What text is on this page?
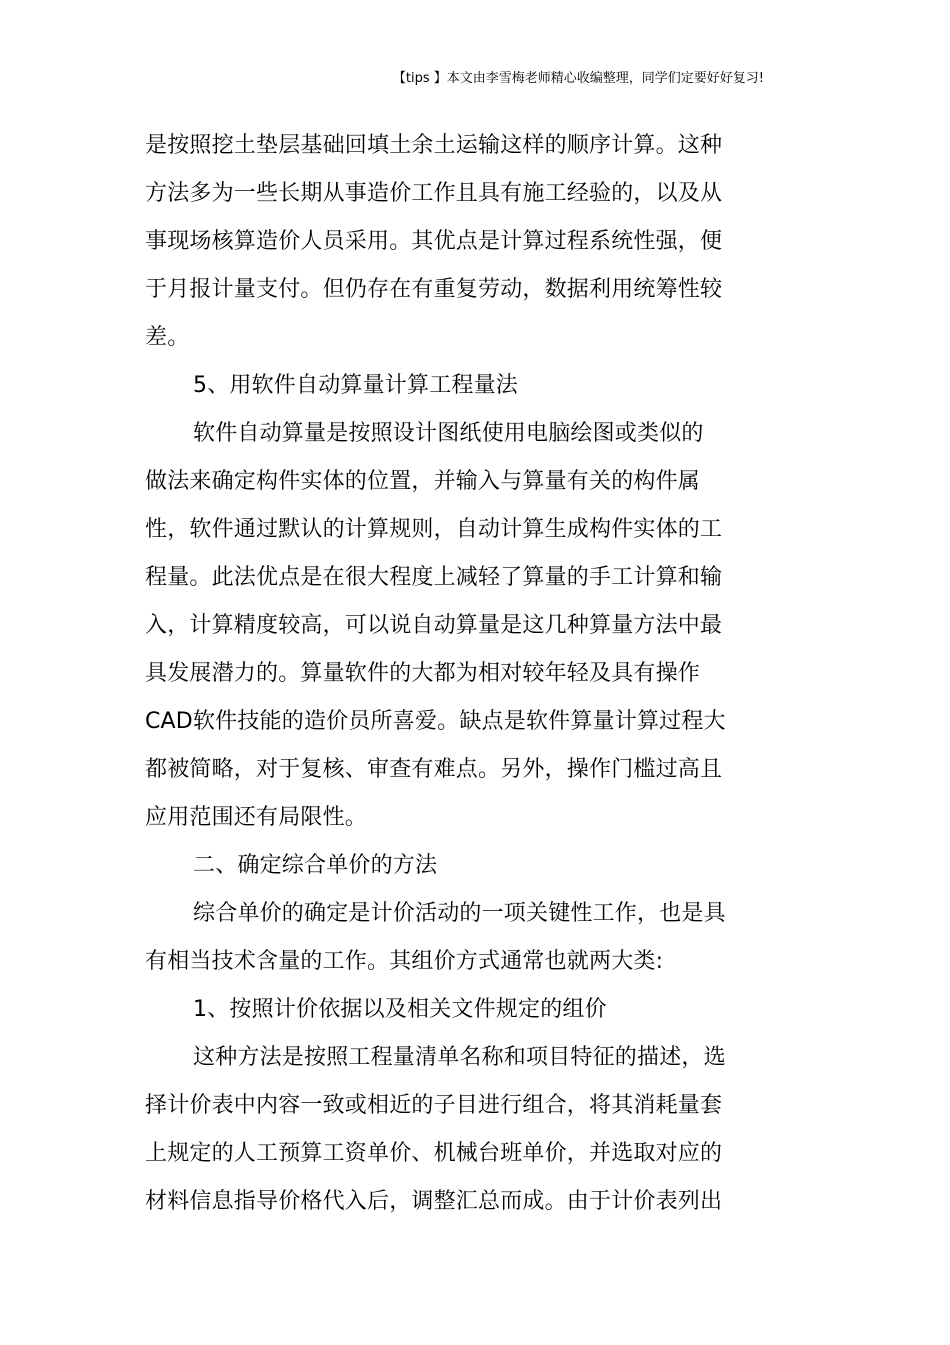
【tips 】本文由李雪梅老师精心收编整理，同学们定要好好复习!
是按照挖土垫层基础回填土余土运输这样的顺序计算。这种
方法多为一些长期从事造价工作且具有施工经验的，以及从
事现场核算造价人员采用。其优点是计算过程系统性强，便
于月报计量支付。但仍存在有重复劳动，数据利用统筹性较
差。
5、用软件自动算量计算工程量法
软件自动算量是按照设计图纸使用电脑绘图或类似的
做法来确定构件实体的位置，并输入与算量有关的构件属
性，软件通过默认的计算规则，自动计算生成构件实体的工
程量。此法优点是在很大程度上减轻了算量的手工计算和输
入，计算精度较高，可以说自动算量是这几种算量方法中最
具发展潜力的。算量软件的大都为相对较年轻及具有操作
CAD软件技能的造价员所喜爱。缺点是软件算量计算过程大
都被简略，对于复核、审查有难点。另外，操作门槛过高且
应用范围还有局限性。
二、确定综合单价的方法
综合单价的确定是计价活动的一项关键性工作，也是具
有相当技术含量的工作。其组价方式通常也就两大类:
1、按照计价依据以及相关文件规定的组价
这种方法是按照工程量清单名称和项目特征的描述，选
择计价表中内容一致或相近的子目进行组合，将其消耗量套
上规定的人工预算工资单价、机械台班单价，并选取对应的
材料信息指导价格代入后，调整汇总而成。由于计价表列出
